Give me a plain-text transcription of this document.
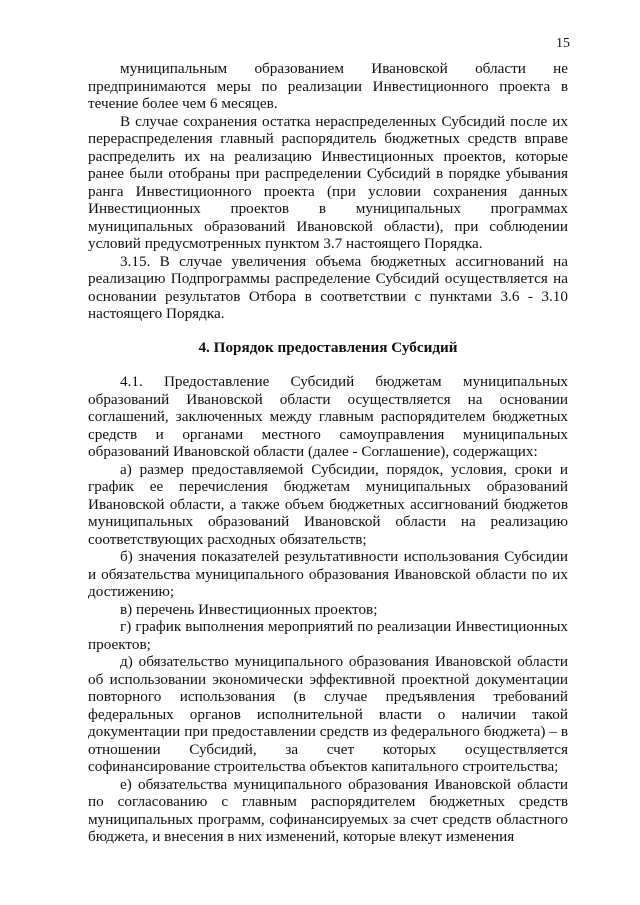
15

муниципальным образованием Ивановской области не предпринимаются меры по реализации Инвестиционного проекта в течение более чем 6 месяцев.

В случае сохранения остатка нераспределенных Субсидий после их перераспределения главный распорядитель бюджетных средств вправе распределить их на реализацию Инвестиционных проектов, которые ранее были отобраны при распределении Субсидий в порядке убывания ранга Инвестиционного проекта (при условии сохранения данных Инвестиционных проектов в муниципальных программах муниципальных образований Ивановской области), при соблюдении условий предусмотренных пунктом 3.7 настоящего Порядка.

3.15. В случае увеличения объема бюджетных ассигнований на реализацию Подпрограммы распределение Субсидий осуществляется на основании результатов Отбора в соответствии с пунктами 3.6 - 3.10 настоящего Порядка.

4. Порядок предоставления Субсидий

4.1. Предоставление Субсидий бюджетам муниципальных образований Ивановской области осуществляется на основании соглашений, заключенных между главным распорядителем бюджетных средств и органами местного самоуправления муниципальных образований Ивановской области (далее - Соглашение), содержащих:

а) размер предоставляемой Субсидии, порядок, условия, сроки и график ее перечисления бюджетам муниципальных образований Ивановской области, а также объем бюджетных ассигнований бюджетов муниципальных образований Ивановской области на реализацию соответствующих расходных обязательств;

б) значения показателей результативности использования Субсидии и обязательства муниципального образования Ивановской области по их достижению;

в) перечень Инвестиционных проектов;

г) график выполнения мероприятий по реализации Инвестиционных проектов;

д) обязательство муниципального образования Ивановской области об использовании экономически эффективной проектной документации повторного использования (в случае предъявления требований федеральных органов исполнительной власти о наличии такой документации при предоставлении средств из федерального бюджета) – в отношении Субсидий, за счет которых осуществляется софинансирование строительства объектов капитального строительства;

е) обязательства муниципального образования Ивановской области по согласованию с главным распорядителем бюджетных средств муниципальных программ, софинансируемых за счет средств областного бюджета, и внесения в них изменений, которые влекут изменения
